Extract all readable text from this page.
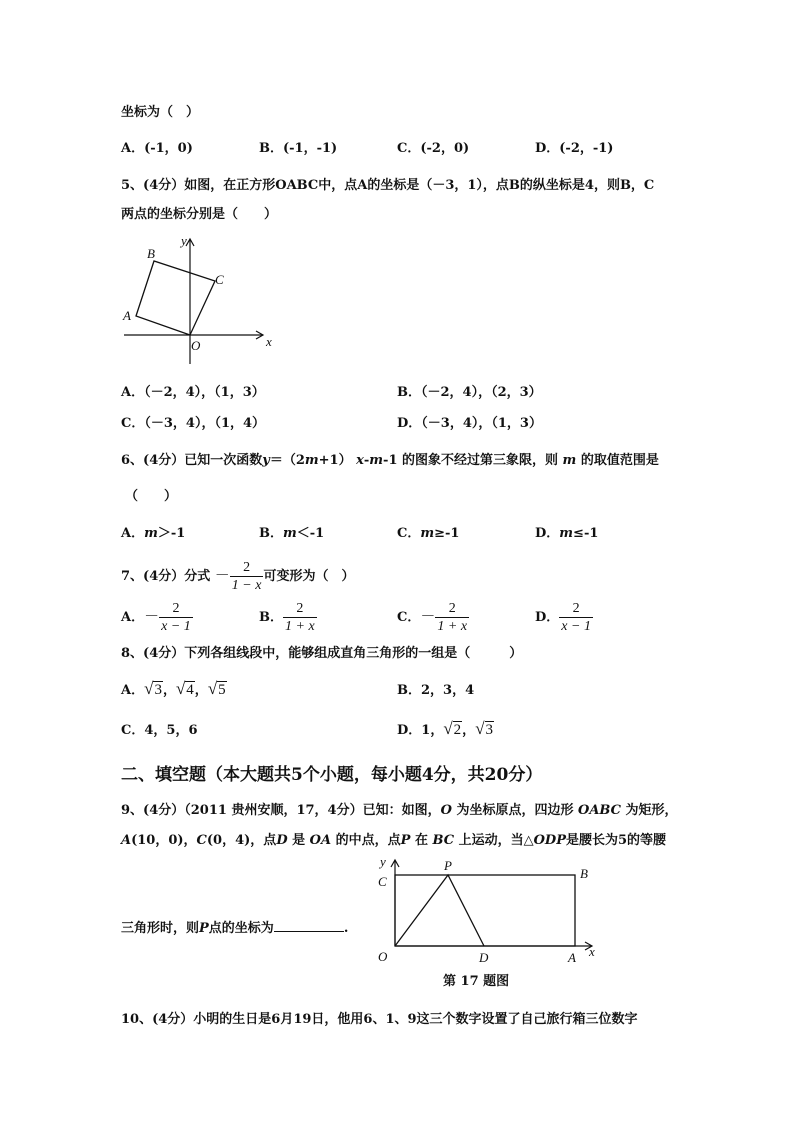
坐标为（　）
A．(-1，0)	B．(-1，-1)	C．(-2，0)	D．(-2，-1)
5、(4分）如图，在正方形OABC中，点A的坐标是（－3，1），点B的纵坐标是4，则B，C
两点的坐标分别是（　　）
x
y
O
A
B
C
A．（－2，4），（1，3）	B．（－2，4），（2，3）
C．（－3，4），（1，4）	D．（－3，4），（1，3）
6、(4分）已知一次函数y＝（2m+1） x-m-1 的图象不经过第三象限，则 m 的取值范围是
（　　）
A．m＞-1	B．m＜-1	C．m≥-1	D．m≤-1
7、(4分）分式 － $\frac{2}{1 - x}$ 可变形为（　）
A．－ $\frac{2}{x - 1}$	B． $\frac{2}{1 + x}$	C．－ $\frac{2}{1 + x}$	D． $\frac{2}{x - 1}$
8、(4分）下列各组线段中，能够组成直角三角形的一组是（　　　）
A．√3，√4，√5	B．2，3，4
C．4，5，6	D．1，√2，√3
二、填空题（本大题共5个小题，每小题4分，共20分）
9、(4分）（2011 贵州安顺，17，4分）已知：如图，O 为坐标原点，四边形 OABC 为矩形，
A(10，0)，C(0，4)，点D 是 OA 的中点，点P 在 BC 上运动，当△ODP是腰长为5的等腰
三角形时，则P点的坐标为	.
y
x
O	A
B
C
D
P
第 17 题图
10、(4分）小明的生日是6月19日，他用6、1、9这三个数字设置了自己旅行箱三位数字
